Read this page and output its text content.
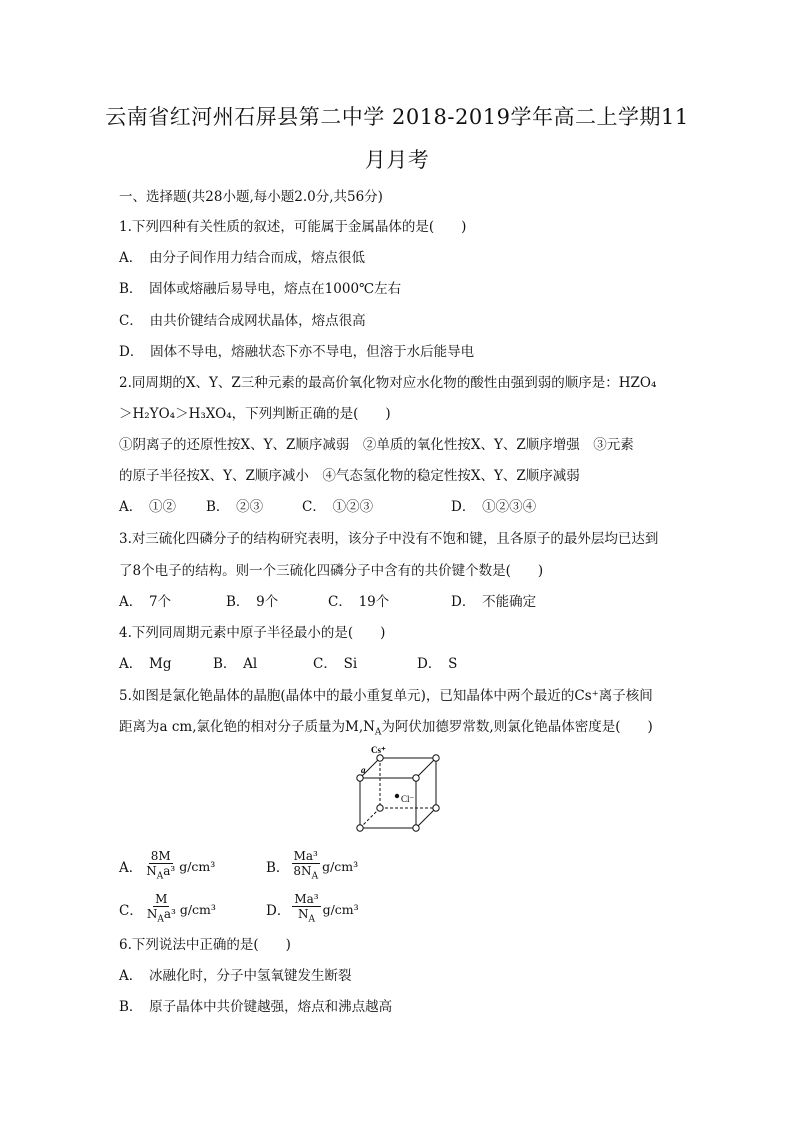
云南省红河州石屏县第二中学 2018-2019学年高二上学期11
月月考
一、选择题(共28小题,每小题2.0分,共56分)
1.下列四种有关性质的叙述，可能属于金属晶体的是(　　)
A．　由分子间作用力结合而成，熔点很低
B．　固体或熔融后易导电，熔点在1000℃左右
C．　由共价键结合成网状晶体，熔点很高
D．　固体不导电，熔融状态下亦不导电，但溶于水后能导电
2.同周期的X、Y、Z三种元素的最高价氧化物对应水化物的酸性由强到弱的顺序是：HZO₄
＞H₂YO₄＞H₃XO₄，下列判断正确的是(　　)
①阴离子的还原性按X、Y、Z顺序减弱　②单质的氧化性按X、Y、Z顺序增强　③元素
的原子半径按X、Y、Z顺序减小　④气态氢化物的稳定性按X、Y、Z顺序减弱
A．　①② B．　②③	C．　①②③	D．　①②③④
3.对三硫化四磷分子的结构研究表明，该分子中没有不饱和键，且各原子的最外层均已达到
了8个电子的结构。则一个三硫化四磷分子中含有的共价键个数是(　　)
A．　7个	B．　9个	C．　19个	D．　不能确定
4.下列同周期元素中原子半径最小的是(　　)
A．　Mg	B．　Al	C．　Si	D．　S
5.如图是氯化铯晶体的晶胞(晶体中的最小重复单元)，已知晶体中两个最近的Cs⁺离子核间
距离为a cm,氯化铯的相对分子质量为$M,N_A$为阿伏加德罗常数,则氯化铯晶体密度是(　　)
Cs⁺
Cl⁻
a
A． $\frac{8M}{N_Aa^3} g/cm^3$	B． $\frac{\text{Ma³}}{8N_A} g/cm^3$
C． $\frac{M}{N_Aa^3} g/cm^3$	D． $\frac{\text{Ma³}}{N_A} g/cm^3$
6.下列说法中正确的是(　　)
A．　冰融化时，分子中氢氧键发生断裂
B．　原子晶体中共价键越强，熔点和沸点越高
